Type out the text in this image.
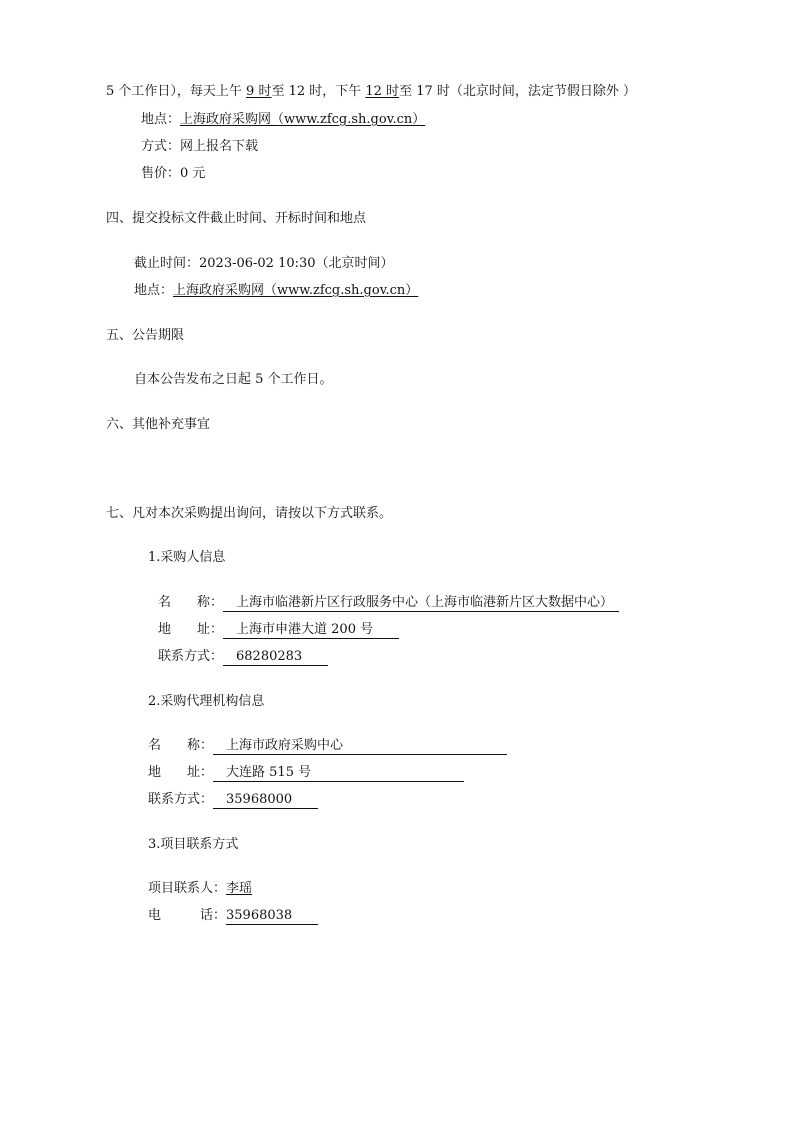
5 个工作日），每天上午 9 时至 12 时，下午 12 时至 17 时（北京时间，法定节假日除外 ）
地点：上海政府采购网（www.zfcg.sh.gov.cn）
方式：网上报名下载
售价：0 元
四、提交投标文件截止时间、开标时间和地点
截止时间：2023-06-02 10:30（北京时间）
地点：上海政府采购网（www.zfcg.sh.gov.cn）
五、公告期限
自本公告发布之日起 5 个工作日。
六、其他补充事宜
七、凡对本次采购提出询问，请按以下方式联系。
1.采购人信息
名　　称：　上海市临港新片区行政服务中心（上海市临港新片区大数据中心）
地　　址：　上海市申港大道 200 号　　
联系方式：　68280283　　
2.采购代理机构信息
名　　称：　上海市政府采购中心
地　　址：　大连路 515 号
联系方式：　35968000　　
3.项目联系方式
项目联系人：李瑶
电　　　话：35968038　　
